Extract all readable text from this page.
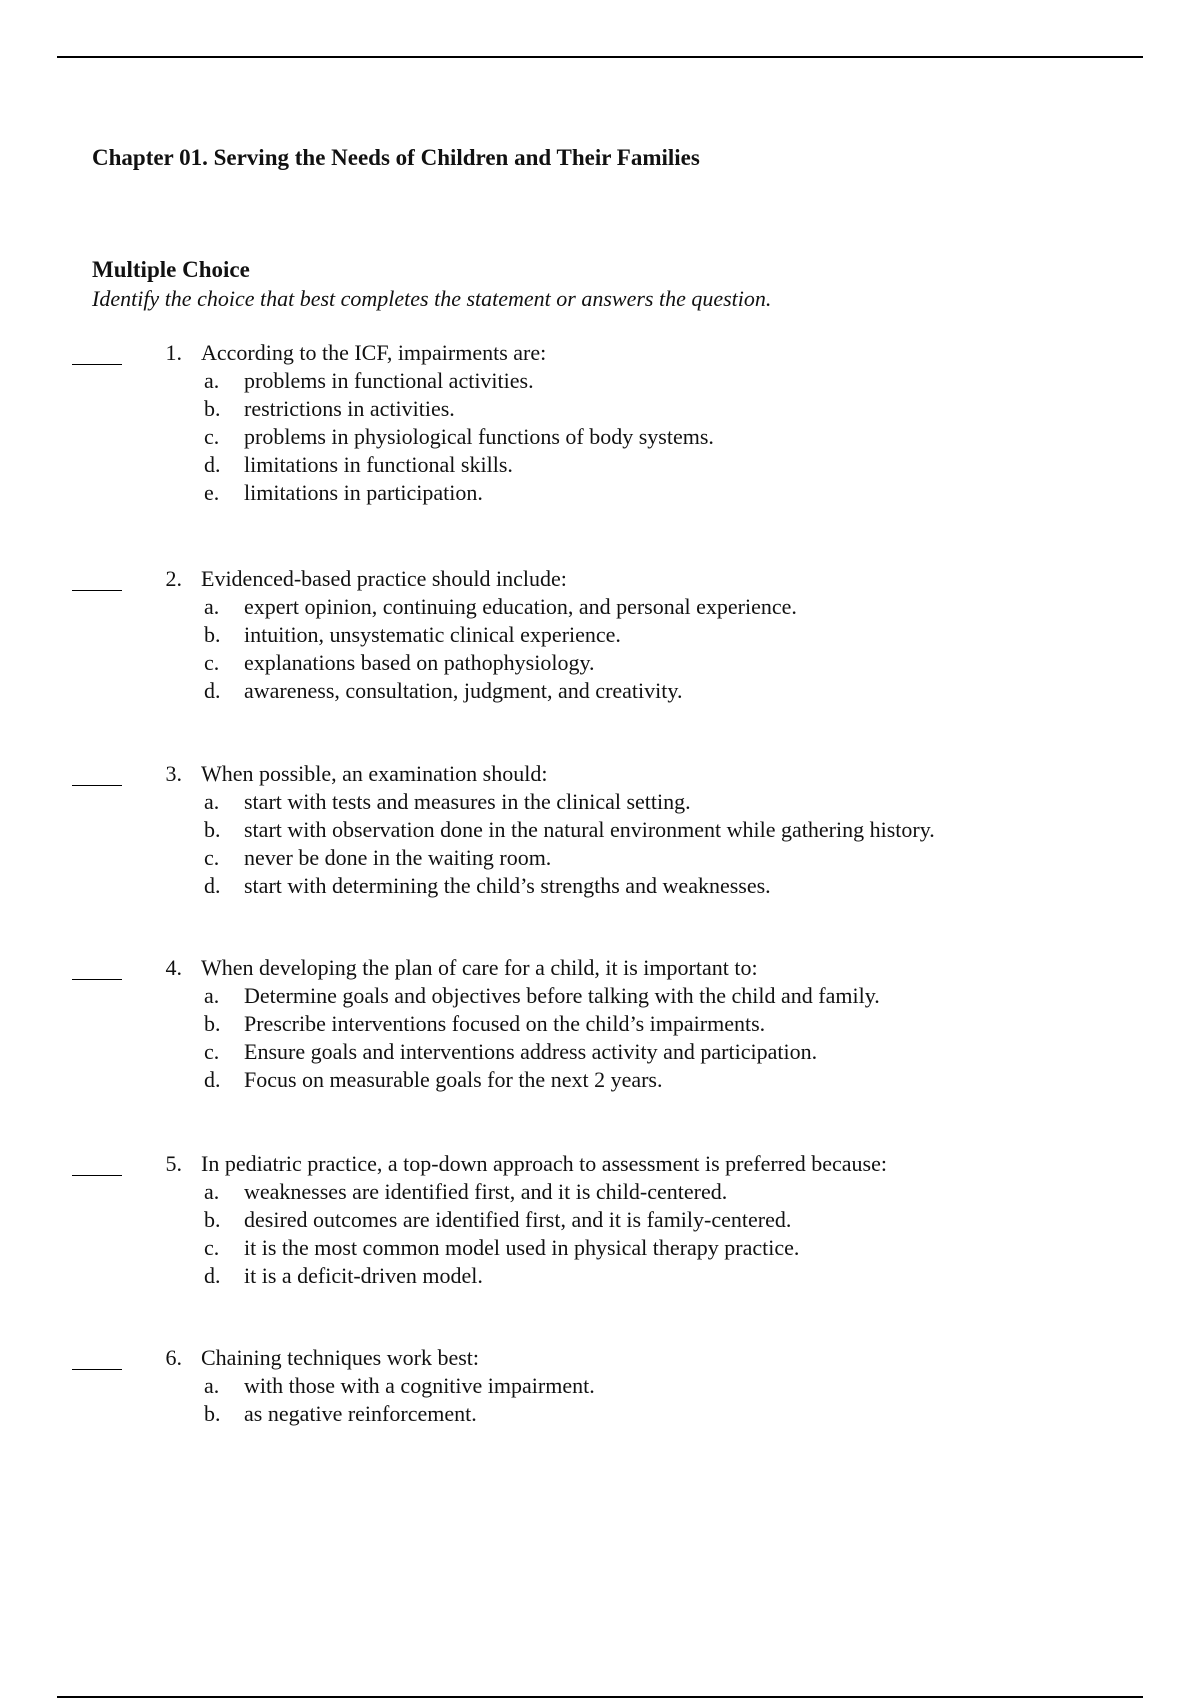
Chapter 01. Serving the Needs of Children and Their Families
Multiple Choice

Identify the choice that best completes the statement or answers the question.

1. According to the ICF, impairments are:
a. problems in functional activities.
b. restrictions in activities.
c. problems in physiological functions of body systems.
d. limitations in functional skills.
e. limitations in participation.
2. Evidenced-based practice should include:
a. expert opinion, continuing education, and personal experience.
b. intuition, unsystematic clinical experience.
c. explanations based on pathophysiology.
d. awareness, consultation, judgment, and creativity.
3. When possible, an examination should:
a. start with tests and measures in the clinical setting.
b. start with observation done in the natural environment while gathering history.
c. never be done in the waiting room.
d. start with determining the child’s strengths and weaknesses.
4. When developing the plan of care for a child, it is important to:
a. Determine goals and objectives before talking with the child and family.
b. Prescribe interventions focused on the child’s impairments.
c. Ensure goals and interventions address activity and participation.
d. Focus on measurable goals for the next 2 years.
5. In pediatric practice, a top-down approach to assessment is preferred because:
a. weaknesses are identified first, and it is child-centered.
b. desired outcomes are identified first, and it is family-centered.
c. it is the most common model used in physical therapy practice.
d. it is a deficit-driven model.
6. Chaining techniques work best:
a. with those with a cognitive impairment.
b. as negative reinforcement.
